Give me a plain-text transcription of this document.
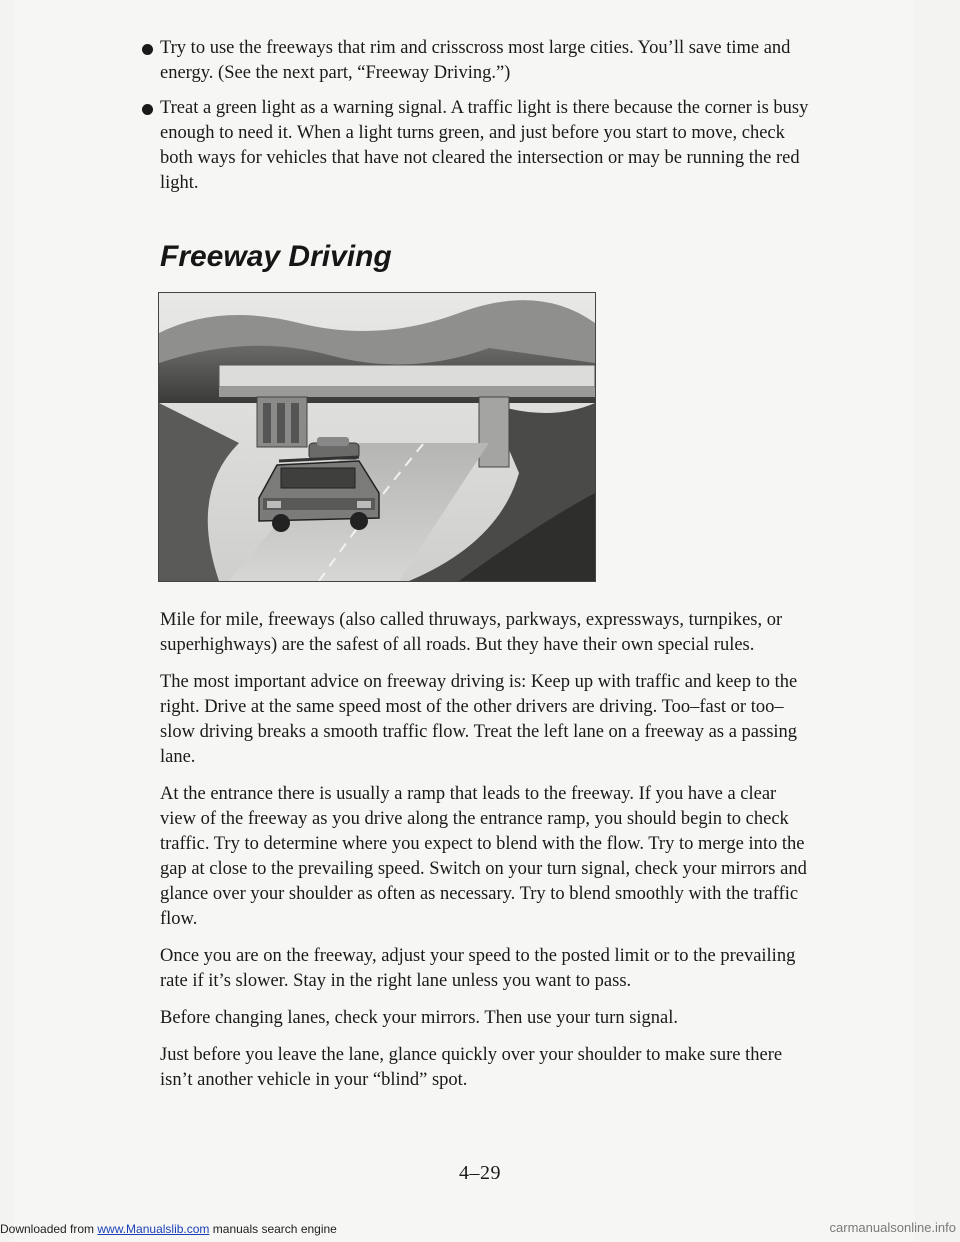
Try to use the freeways that rim and crisscross most large cities. You’ll save time and energy. (See the next part, “Freeway Driving.”)
Treat a green light as a warning signal. A traffic light is there because the corner is busy enough to need it. When a light turns green, and just before you start to move, check both ways for vehicles that have not cleared the intersection or may be running the red light.
Freeway Driving

Mile for mile, freeways (also called thruways, parkways, expressways, turnpikes, or superhighways) are the safest of all roads. But they have their own special rules.

The most important advice on freeway driving is: Keep up with traffic and keep to the right. Drive at the same speed most of the other drivers are driving. Too–fast or too–slow driving breaks a smooth traffic flow. Treat the left lane on a freeway as a passing lane.

At the entrance there is usually a ramp that leads to the freeway. If you have a clear view of the freeway as you drive along the entrance ramp, you should begin to check traffic. Try to determine where you expect to blend with the flow. Try to merge into the gap at close to the prevailing speed. Switch on your turn signal, check your mirrors and glance over your shoulder as often as necessary. Try to blend smoothly with the traffic flow.

Once you are on the freeway, adjust your speed to the posted limit or to the prevailing rate if it’s slower. Stay in the right lane unless you want to pass.

Before changing lanes, check your mirrors. Then use your turn signal.

Just before you leave the lane, glance quickly over your shoulder to make sure there isn’t another vehicle in your “blind” spot.

4–29
Downloaded from www.Manualslib.com manuals search engine	carmanualsonline.info
